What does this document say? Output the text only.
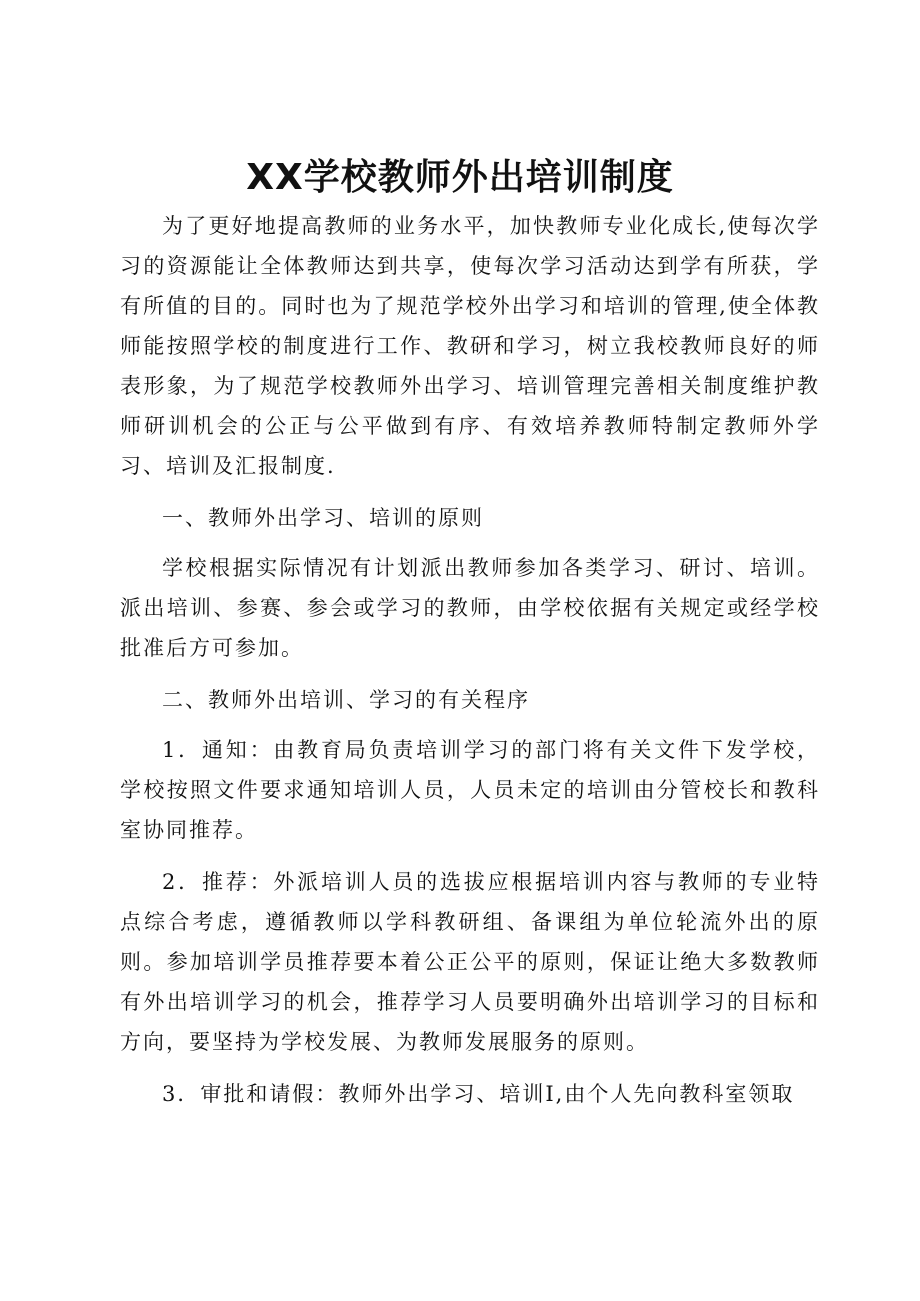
XX学校教师外出培训制度

为了更好地提高教师的业务水平，加快教师专业化成长,使每次学习的资源能让全体教师达到共享，使每次学习活动达到学有所获，学有所值的目的。同时也为了规范学校外出学习和培训的管理,使全体教师能按照学校的制度进行工作、教研和学习，树立我校教师良好的师表形象，为了规范学校教师外出学习、培训管理完善相关制度维护教师研训机会的公正与公平做到有序、有效培养教师特制定教师外学习、培训及汇报制度.

一、教师外出学习、培训的原则

学校根据实际情况有计划派出教师参加各类学习、研讨、培训。派出培训、参赛、参会或学习的教师，由学校依据有关规定或经学校批准后方可参加。

二、教师外出培训、学习的有关程序

1．通知：由教育局负责培训学习的部门将有关文件下发学校，学校按照文件要求通知培训人员，人员未定的培训由分管校长和教科室协同推荐。

2．推荐：外派培训人员的选拔应根据培训内容与教师的专业特点综合考虑，遵循教师以学科教研组、备课组为单位轮流外出的原则。参加培训学员推荐要本着公正公平的原则，保证让绝大多数教师有外出培训学习的机会，推荐学习人员要明确外出培训学习的目标和方向，要坚持为学校发展、为教师发展服务的原则。

3．审批和请假：教师外出学习、培训I,由个人先向教科室领取
